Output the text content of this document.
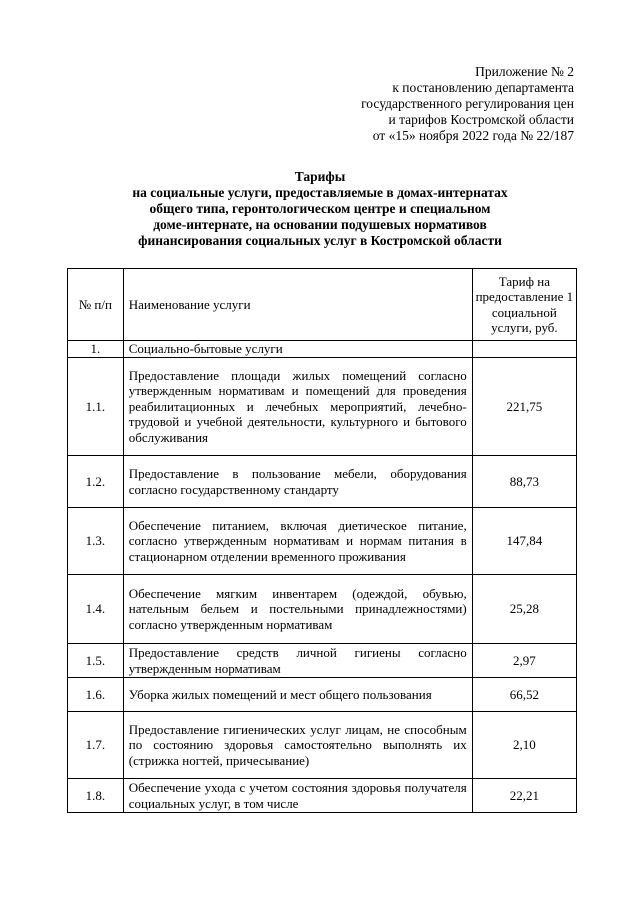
Приложение № 2
к постановлению департамента
государственного регулирования цен
и тарифов Костромской области
от «15» ноября 2022 года № 22/187
Тарифы
на социальные услуги, предоставляемые в домах-интернатах
общего типа, геронтологическом центре и специальном
доме-интернате, на основании подушевых нормативов
финансирования социальных услуг в Костромской области
№ п/п	Наименование услуги	Тариф на предоставление 1 социальной услуги, руб.
1.	Социально-бытовые услуги	
1.1.	Предоставление площади жилых помещений согласно утвержденным нормативам и помещений для проведения реабилитационных и лечебных мероприятий, лечебно-трудовой и учебной деятельности, культурного и бытового обслуживания	221,75
1.2.	Предоставление в пользование мебели, оборудования согласно государственному стандарту	88,73
1.3.	Обеспечение питанием, включая диетическое питание, согласно утвержденным нормативам и нормам питания в стационарном отделении временного проживания	147,84
1.4.	Обеспечение мягким инвентарем (одеждой, обувью, нательным бельем и постельными принадлежностями) согласно утвержденным нормативам	25,28
1.5.	Предоставление средств личной гигиены согласно утвержденным нормативам	2,97
1.6.	Уборка жилых помещений и мест общего пользования	66,52
1.7.	Предоставление гигиенических услуг лицам, не способным по состоянию здоровья самостоятельно выполнять их (стрижка ногтей, причесывание)	2,10
1.8.	Обеспечение ухода с учетом состояния здоровья получателя социальных услуг, в том числе	22,21
